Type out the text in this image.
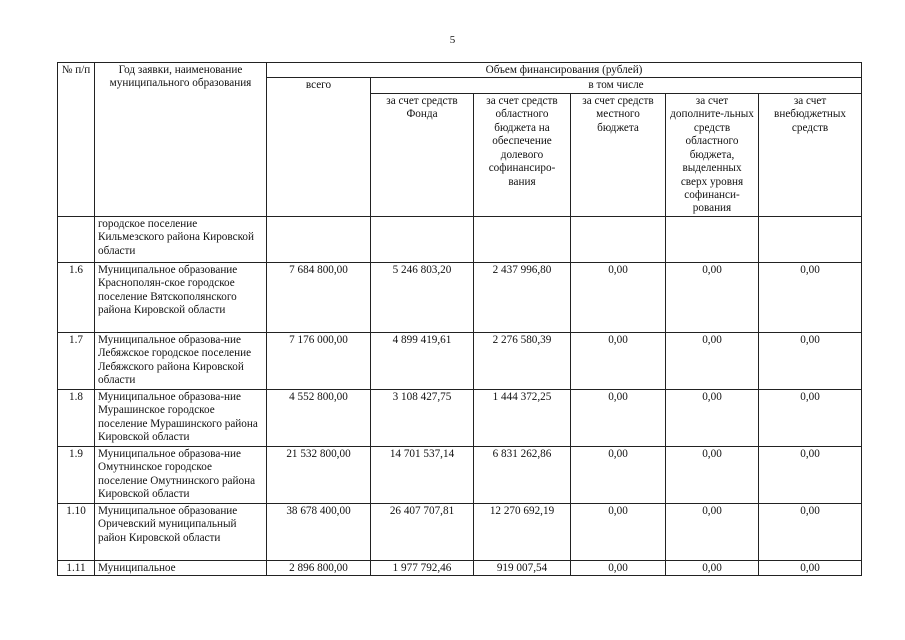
5
№ п/п	Год заявки, наименование муниципального образования	Объем финансирования (рублей)					
		всего	в том числе				
			за счет средств Фонда	за счет средств областного бюджета на обеспечение долевого софинансиро-вания	за счет средств местного бюджета	за счет дополните-льных средств областного бюджета, выделенных сверх уровня софинанси-рования	за счет внебюджетных средств
	городское поселение Кильмезского района Кировской области						
1.6	Муниципальное образование Краснополян-ское городское поселение Вятскополянского района Кировской области	7 684 800,00	5 246 803,20	2 437 996,80	0,00	0,00	0,00
1.7	Муниципальное образова-ние Лебяжское городское поселение Лебяжского района Кировской области	7 176 000,00	4 899 419,61	2 276 580,39	0,00	0,00	0,00
1.8	Муниципальное образова-ние Мурашинское городское поселение Мурашинского района Кировской области	4 552 800,00	3 108 427,75	1 444 372,25	0,00	0,00	0,00
1.9	Муниципальное образова-ние Омутнинское городское поселение Омутнинского района Кировской области	21 532 800,00	14 701 537,14	6 831 262,86	0,00	0,00	0,00
1.10	Муниципальное образование Оричевский муниципальный район Кировской области	38 678 400,00	26 407 707,81	12 270 692,19	0,00	0,00	0,00
1.11	Муниципальное	2 896 800,00	1 977 792,46	919 007,54	0,00	0,00	0,00
